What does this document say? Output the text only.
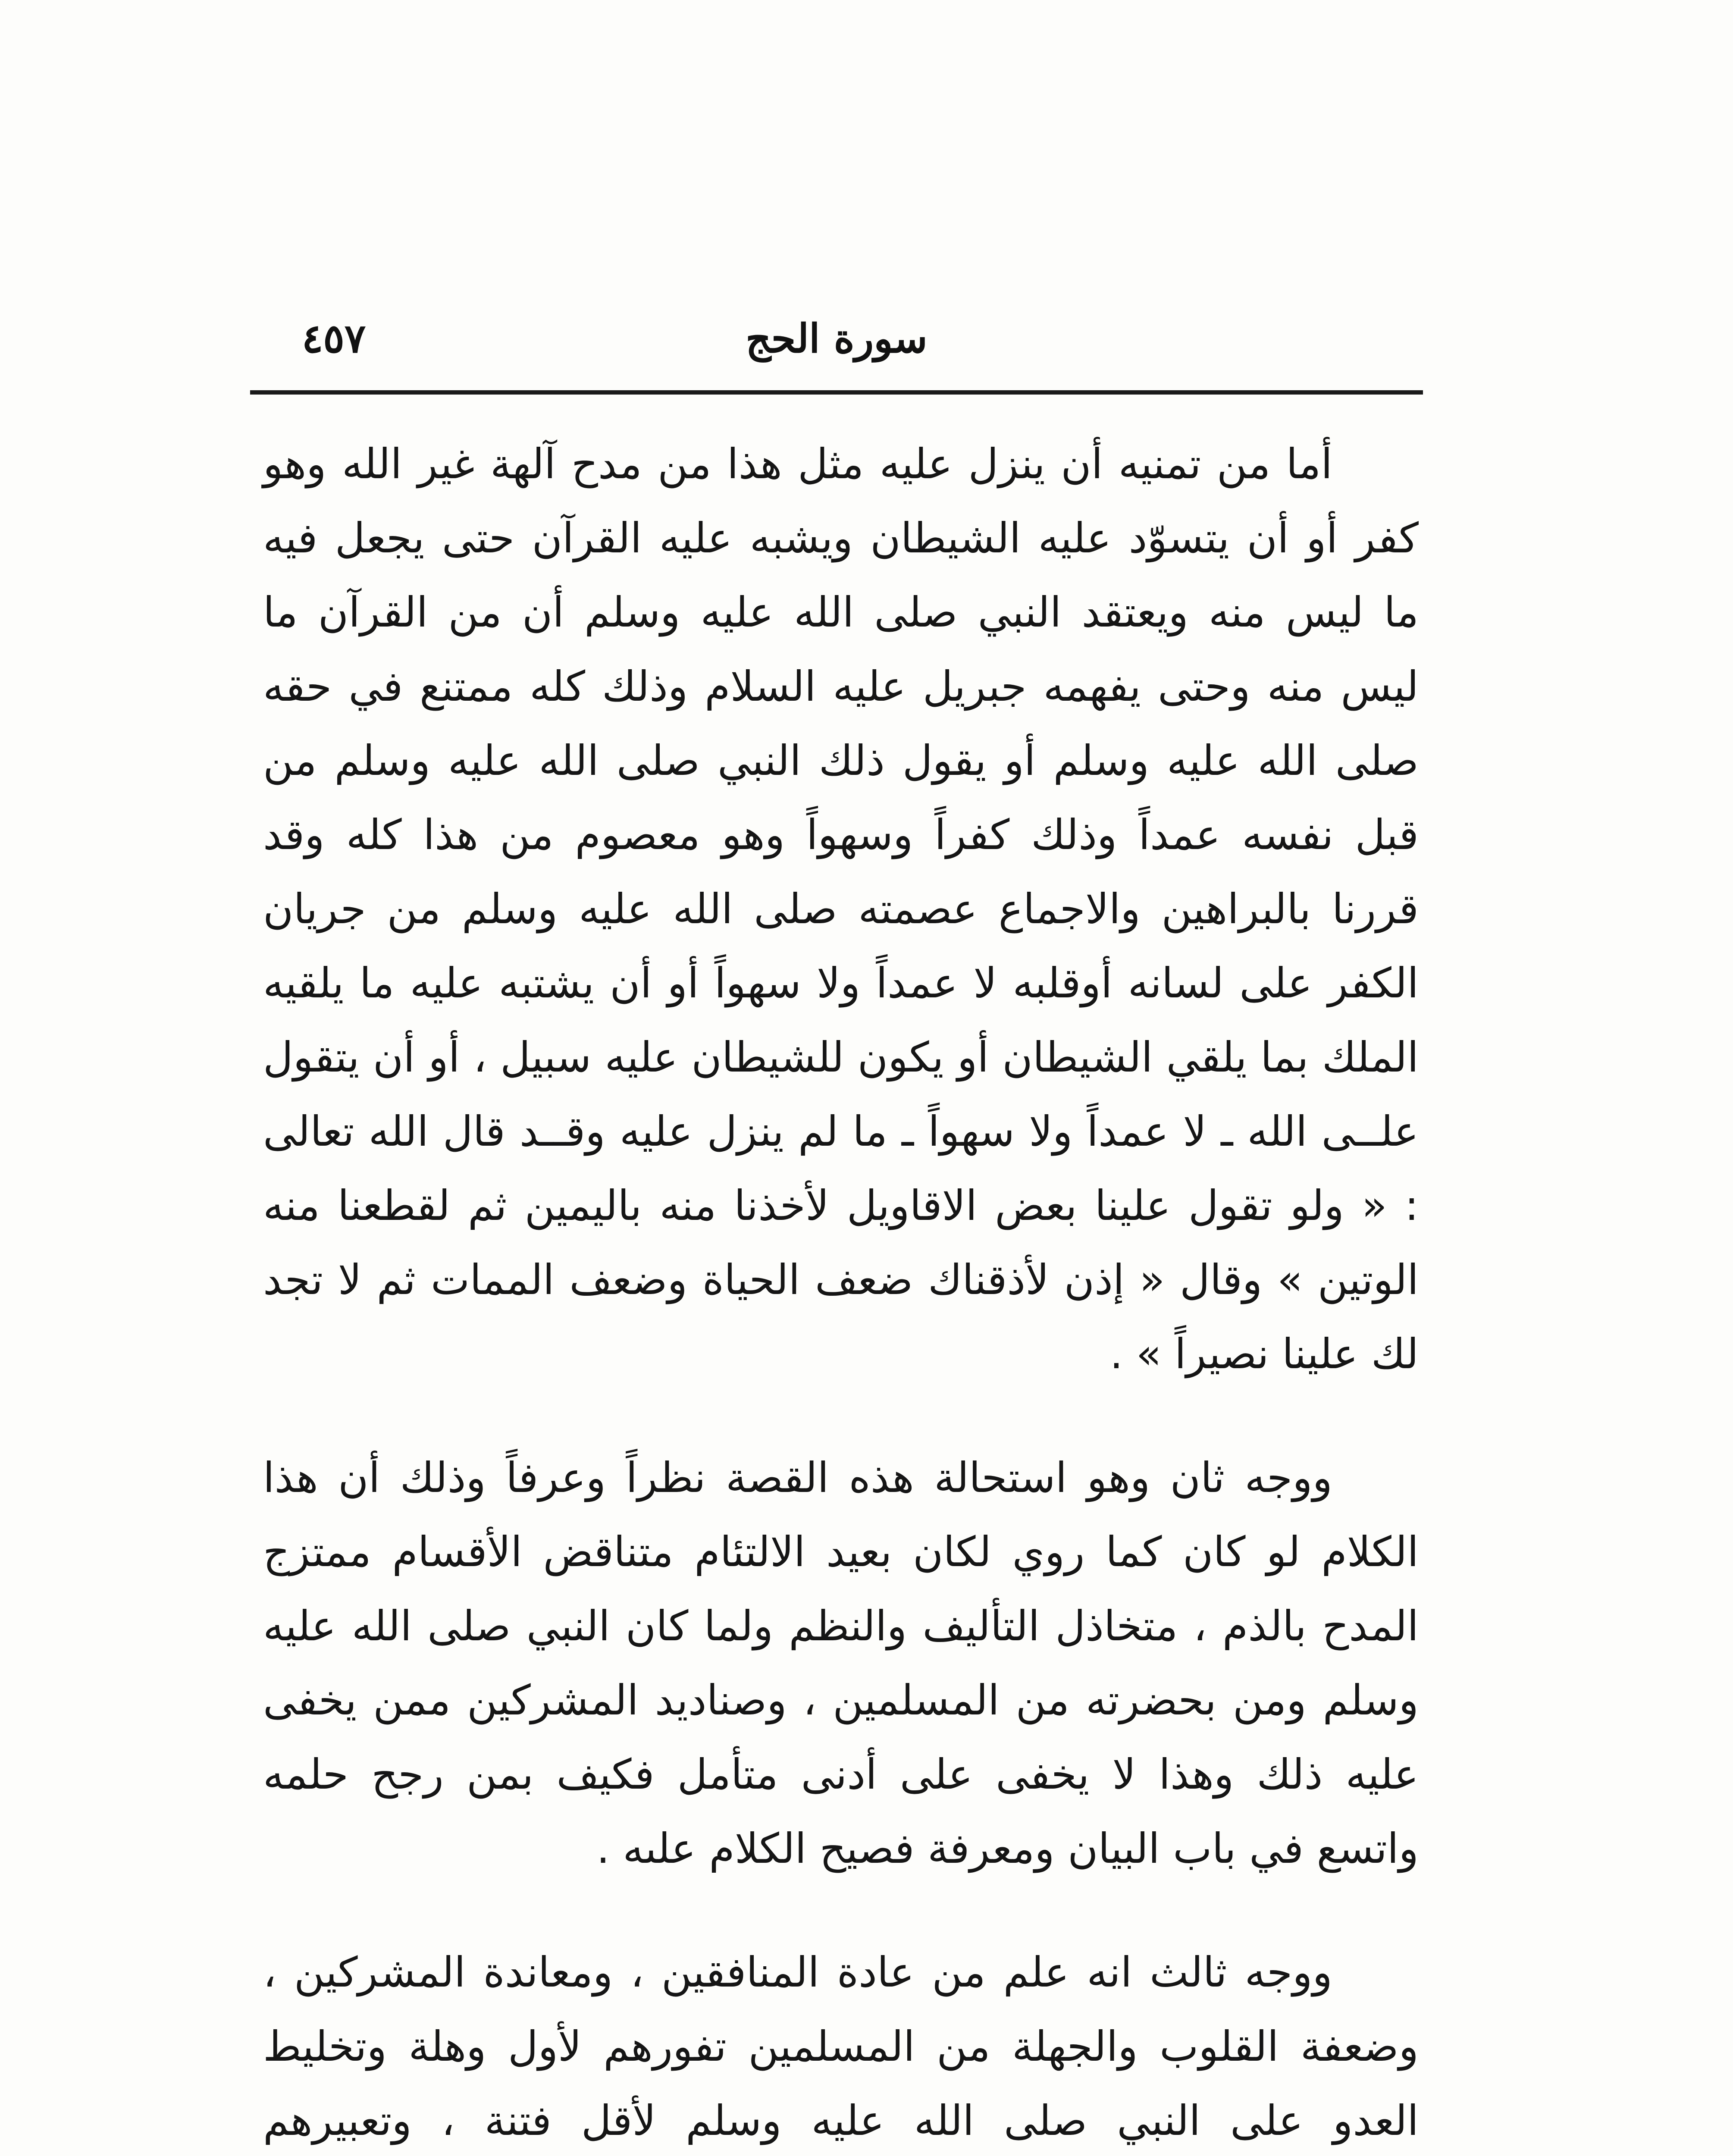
سورة الحج
٤٥٧

أما من تمنيه أن ينزل عليه مثل هذا من مدح آلهة غير الله وهو كفر أو أن يتسوّد عليه الشيطان ويشبه عليه القرآن حتى يجعل فيه ما ليس منه ويعتقد النبي صلى الله عليه وسلم أن من القرآن ما ليس منه وحتى يفهمه جبريل عليه السلام وذلك كله ممتنع في حقه صلى الله عليه وسلم أو يقول ذلك النبي صلى الله عليه وسلم من قبل نفسه عمداً وذلك كفراً وسهواً وهو معصوم من هذا كله وقد قررنا بالبراهين والاجماع عصمته صلى الله عليه وسلم من جريان الكفر على لسانه أوقلبه لا عمداً ولا سهواً أو أن يشتبه عليه ما يلقيه الملك بما يلقي الشيطان أو يكون للشيطان عليه سبيل ، أو أن يتقول علــى الله ـ لا عمداً ولا سهواً ـ ما لم ينزل عليه وقــد قال الله تعالى : « ولو تقول علينا بعض الاقاويل لأخذنا منه باليمين ثم لقطعنا منه الوتين » وقال « إذن لأذقناك ضعف الحياة وضعف الممات ثم لا تجد لك علينا نصيراً » .

ووجه ثان وهو استحالة هذه القصة نظراً وعرفاً وذلك أن هذا الكلام لو كان كما روي لكان بعيد الالتئام متناقض الأقسام ممتزج المدح بالذم ، متخاذل التأليف والنظم ولما كان النبي صلى الله عليه وسلم ومن بحضرته من المسلمين ، وصناديد المشركين ممن يخفى عليه ذلك وهذا لا يخفى على أدنى متأمل فكيف بمن رجح حلمه واتسع في باب البيان ومعرفة فصيح الكلام علىه .

ووجه ثالث انه علم من عادة المنافقين ، ومعاندة المشركين ، وضعفة القلوب والجهلة من المسلمين تفورهم لأول وهلة وتخليط العدو على النبي صلى الله عليه وسلم لأقل فتنة ، وتعبيرهم
